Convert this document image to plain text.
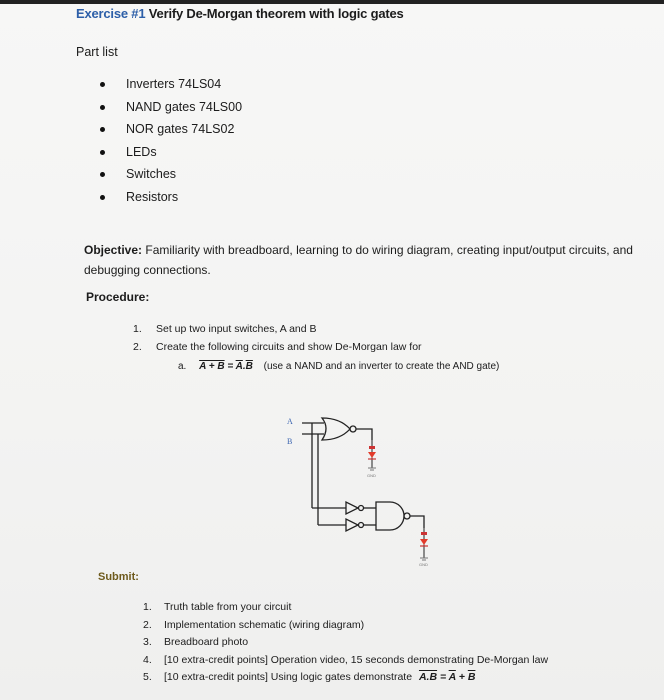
Exercise #1 Verify De-Morgan theorem with logic gates
Part list
Inverters 74LS04
NAND gates 74LS00
NOR gates 74LS02
LEDs
Switches
Resistors
Objective: Familiarity with breadboard, learning to do wiring diagram, creating input/output circuits, and debugging connections.
Procedure:
1. Set up two input switches, A and B
2. Create the following circuits and show De-Morgan law for
a. $A + B = \overline{A}.\overline{B}$ (use a NAND and an inverter to create the AND gate)
A
B
GND
GND
Submit:
1. Truth table from your circuit
2. Implementation schematic (wiring diagram)
3. Breadboard photo
4. [10 extra-credit points] Operation video, 15 seconds demonstrating De-Morgan law
5. [10 extra-credit points] Using logic gates demonstrate $A.B = \overline{A} + \overline{B}$
